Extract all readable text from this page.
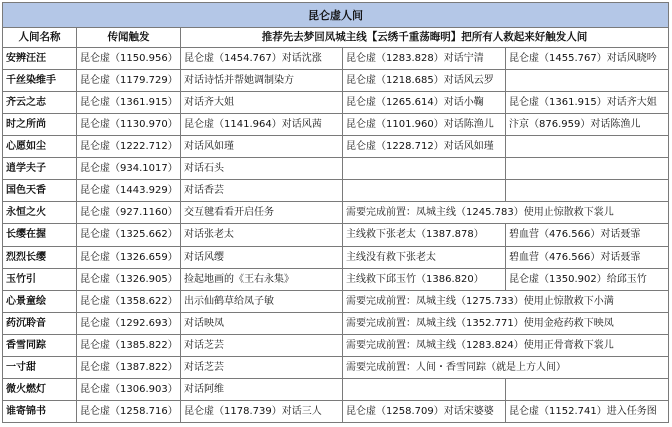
昆仑虚人间				
人间名称	传闻触发	推荐先去梦回凤城主线【云绣千重荡晦明】把所有人救起来好触发人间		
安辨汪汪	昆仑虚（1150.956）	昆仑虚（1454.767）对话沈涨	昆仑虚（1283.828）对话宁清	昆仑虚（1455.767）对话风晓吟
千丝染维手	昆仑虚（1179.729）	对话诗恬并帮她调制染方	昆仑虚（1218.685）对话风云罗	
齐云之志	昆仑虚（1361.915）	对话齐大姐	昆仑虚（1265.614）对话小鞠	昆仑虚（1361.915）对话齐大姐
时之所尚	昆仑虚（1130.970）	昆仑虚（1141.964）对话风茜	昆仑虚（1101.960）对话陈渔儿	汴京（876.959）对话陈渔儿
心愿如尘	昆仑虚（1222.712）	对话风如瑾	昆仑虚（1228.712）对话风如瑾	
逍学夫子	昆仑虚（934.1017）	对话石头		
国色天香	昆仑虚（1443.929）	对话香芸		
永恒之火	昆仑虚（927.1160）	交互毽看看开启任务	需要完成前置：凤城主线（1245.783）使用止惊散救下裳儿	
长缨在握	昆仑虚（1325.662）	对话张老太	主线救下张老太（1387.878）	碧血营（476.566）对话聂霏
烈烈长缨	昆仑虚（1326.659）	对话风缨	主线没有救下张老太	碧血营（476.566）对话聂霏
玉竹引	昆仑虚（1326.905）	捡起地画的《王右永集》	主线救下邱玉竹（1386.820）	昆仑虚（1350.902）给邱玉竹
心景童绘	昆仑虚（1358.622）	出示仙鹤草给凤子敏	需要完成前置：凤城主线（1275.733）使用止惊散救下小满	
药沉聆音	昆仑虚（1292.693）	对话映凤	需要完成前置：凤城主线（1352.771）使用金疮药救下映凤	
香雪同踪	昆仑虚（1385.822）	对话芝芸	需要完成前置：凤城主线（1283.824）使用正骨膏救下裳儿	
一寸甜	昆仑虚（1387.822）	对话芝芸	需要完成前置：人间・香雪同踪（就是上方人间）	
微火燃灯	昆仑虚（1306.903）	对话阿维		
谁寄锦书	昆仑虚（1258.716）	昆仑虚（1178.739）对话三人	昆仑虚（1258.709）对话宋婆婆	昆仑虚（1152.741）进入任务图
